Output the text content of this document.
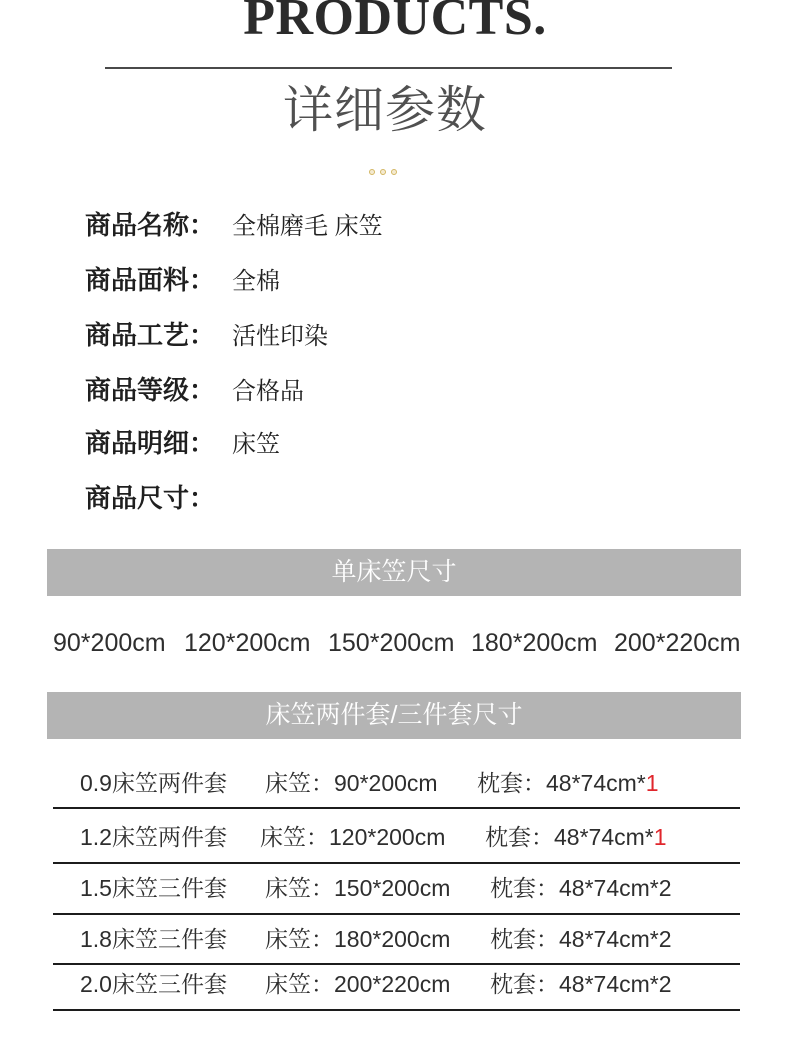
PRODUCTS.
详细参数
商品名称： 全棉磨毛 床笠
商品面料： 全棉
商品工艺： 活性印染
商品等级： 合格品
商品明细： 床笠
商品尺寸：
单床笠尺寸
90*200cm 120*200cm 150*200cm 180*200cm 200*220cm
床笠两件套/三件套尺寸
0.9床笠两件套 床笠：90*200cm 枕套：48*74cm*1
1.2床笠两件套 床笠：120*200cm 枕套：48*74cm*1
1.5床笠三件套 床笠：150*200cm 枕套：48*74cm*2
1.8床笠三件套 床笠：180*200cm 枕套：48*74cm*2
2.0床笠三件套 床笠：200*220cm 枕套：48*74cm*2
